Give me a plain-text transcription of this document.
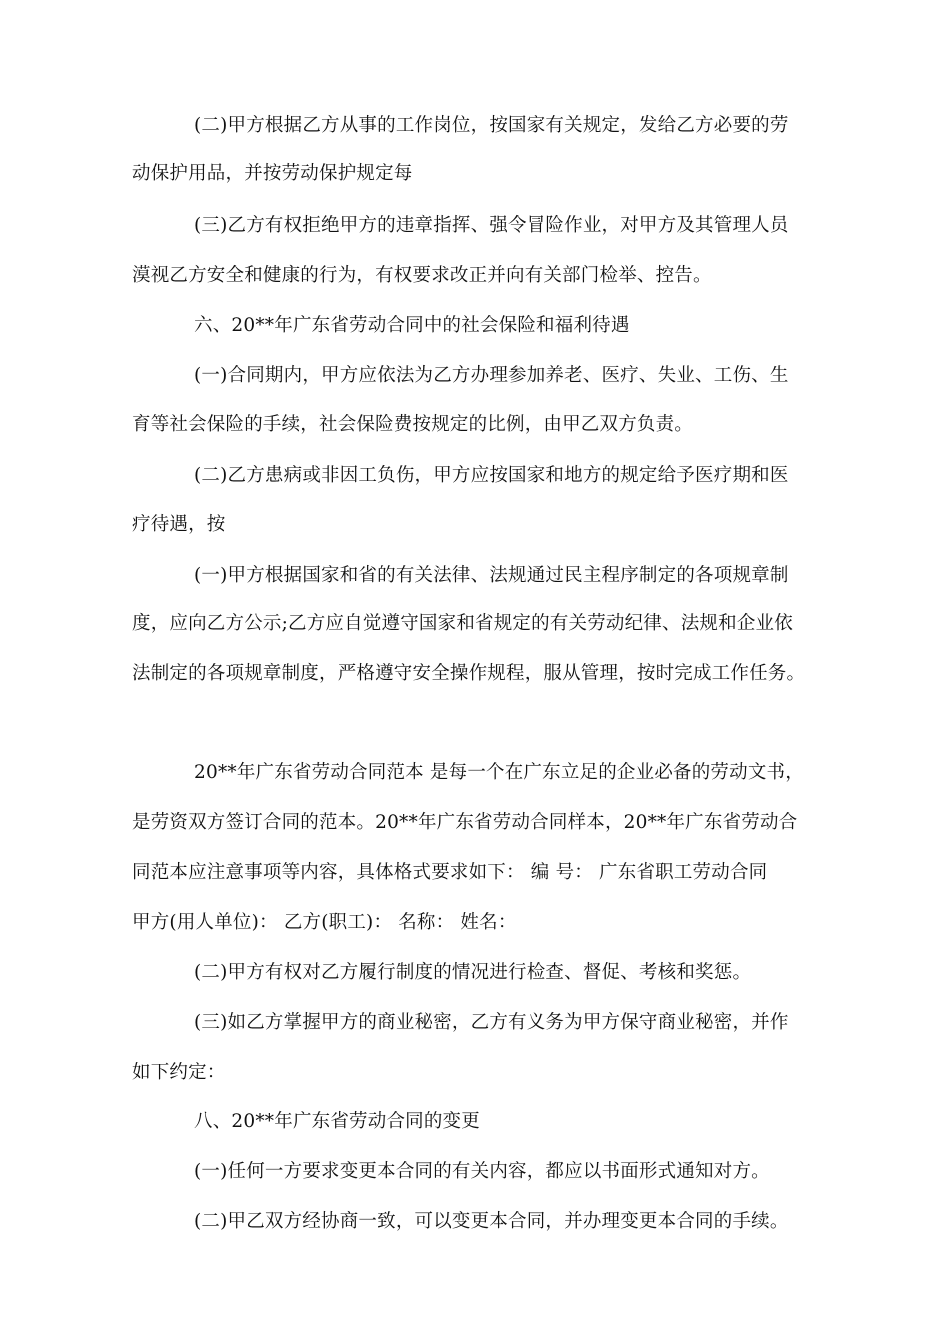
(二)甲方根据乙方从事的工作岗位，按国家有关规定，发给乙方必要的劳
动保护用品，并按劳动保护规定每
(三)乙方有权拒绝甲方的违章指挥、强令冒险作业，对甲方及其管理人员
漠视乙方安全和健康的行为，有权要求改正并向有关部门检举、控告。
六、20**年广东省劳动合同中的社会保险和福利待遇
(一)合同期内，甲方应依法为乙方办理参加养老、医疗、失业、工伤、生
育等社会保险的手续，社会保险费按规定的比例，由甲乙双方负责。
(二)乙方患病或非因工负伤，甲方应按国家和地方的规定给予医疗期和医
疗待遇，按
(一)甲方根据国家和省的有关法律、法规通过民主程序制定的各项规章制
度，应向乙方公示;乙方应自觉遵守国家和省规定的有关劳动纪律、法规和企业依
法制定的各项规章制度，严格遵守安全操作规程，服从管理，按时完成工作任务。
20**年广东省劳动合同范本 是每一个在广东立足的企业必备的劳动文书，
是劳资双方签订合同的范本。20**年广东省劳动合同样本，20**年广东省劳动合
同范本应注意事项等内容，具体格式要求如下： 编 号： 广东省职工劳动合同
甲方(用人单位)： 乙方(职工)： 名称： 姓名：
(二)甲方有权对乙方履行制度的情况进行检查、督促、考核和奖惩。
(三)如乙方掌握甲方的商业秘密，乙方有义务为甲方保守商业秘密，并作
如下约定：
八、20**年广东省劳动合同的变更
(一)任何一方要求变更本合同的有关内容，都应以书面形式通知对方。
(二)甲乙双方经协商一致，可以变更本合同，并办理变更本合同的手续。
